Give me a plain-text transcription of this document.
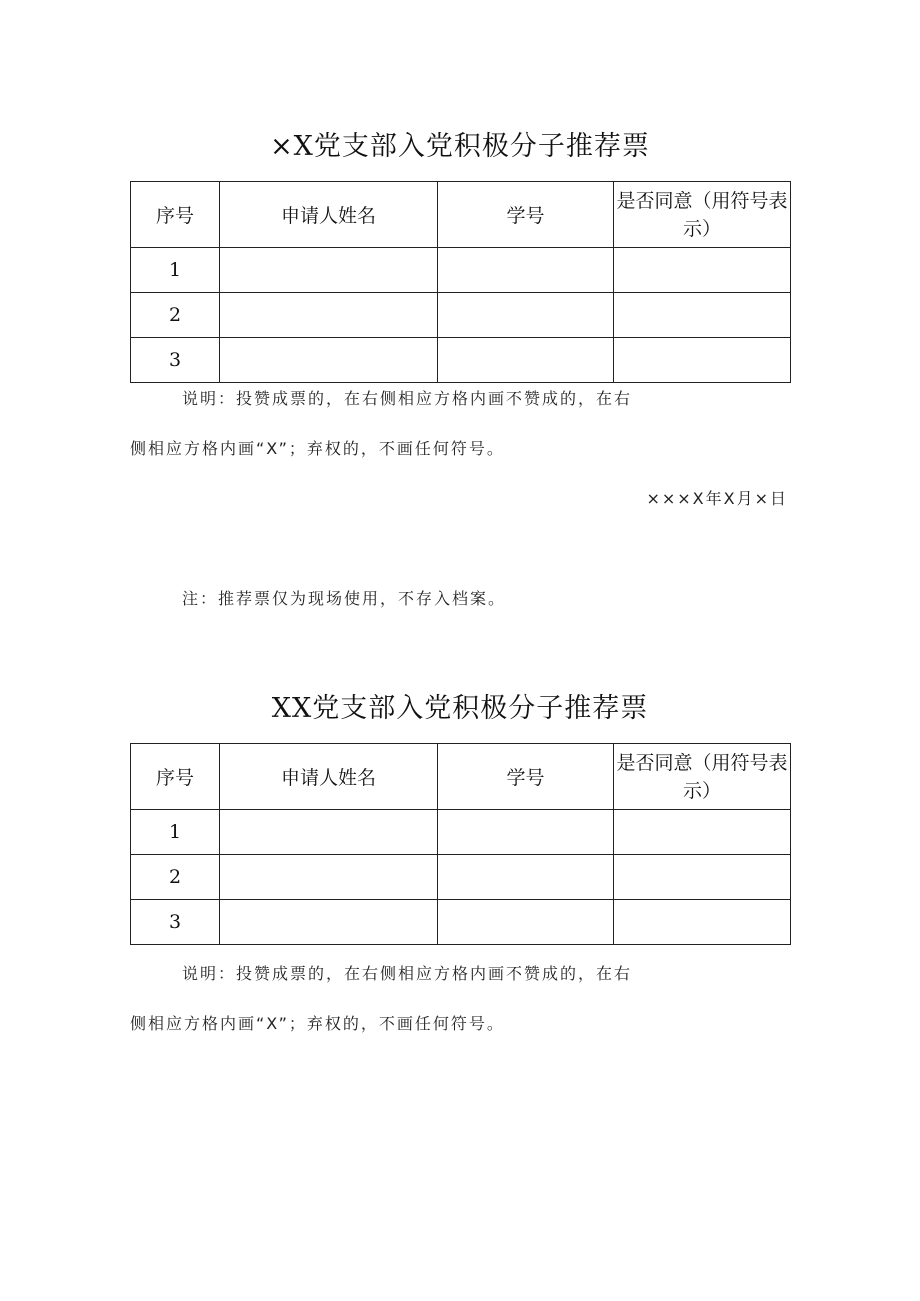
×X党支部入党积极分子推荐票
序号	申请人姓名	学号	是否同意（用符号表示）
1			
2			
3			
说明：投赞成票的，在右侧相应方格内画不赞成的，在右
侧相应方格内画“X”；弃权的，不画任何符号。
×××X年X月×日
注：推荐票仅为现场使用，不存入档案。
XX党支部入党积极分子推荐票
序号	申请人姓名	学号	是否同意（用符号表示）
1			
2			
3			
说明：投赞成票的，在右侧相应方格内画不赞成的，在右
侧相应方格内画“X”；弃权的，不画任何符号。
